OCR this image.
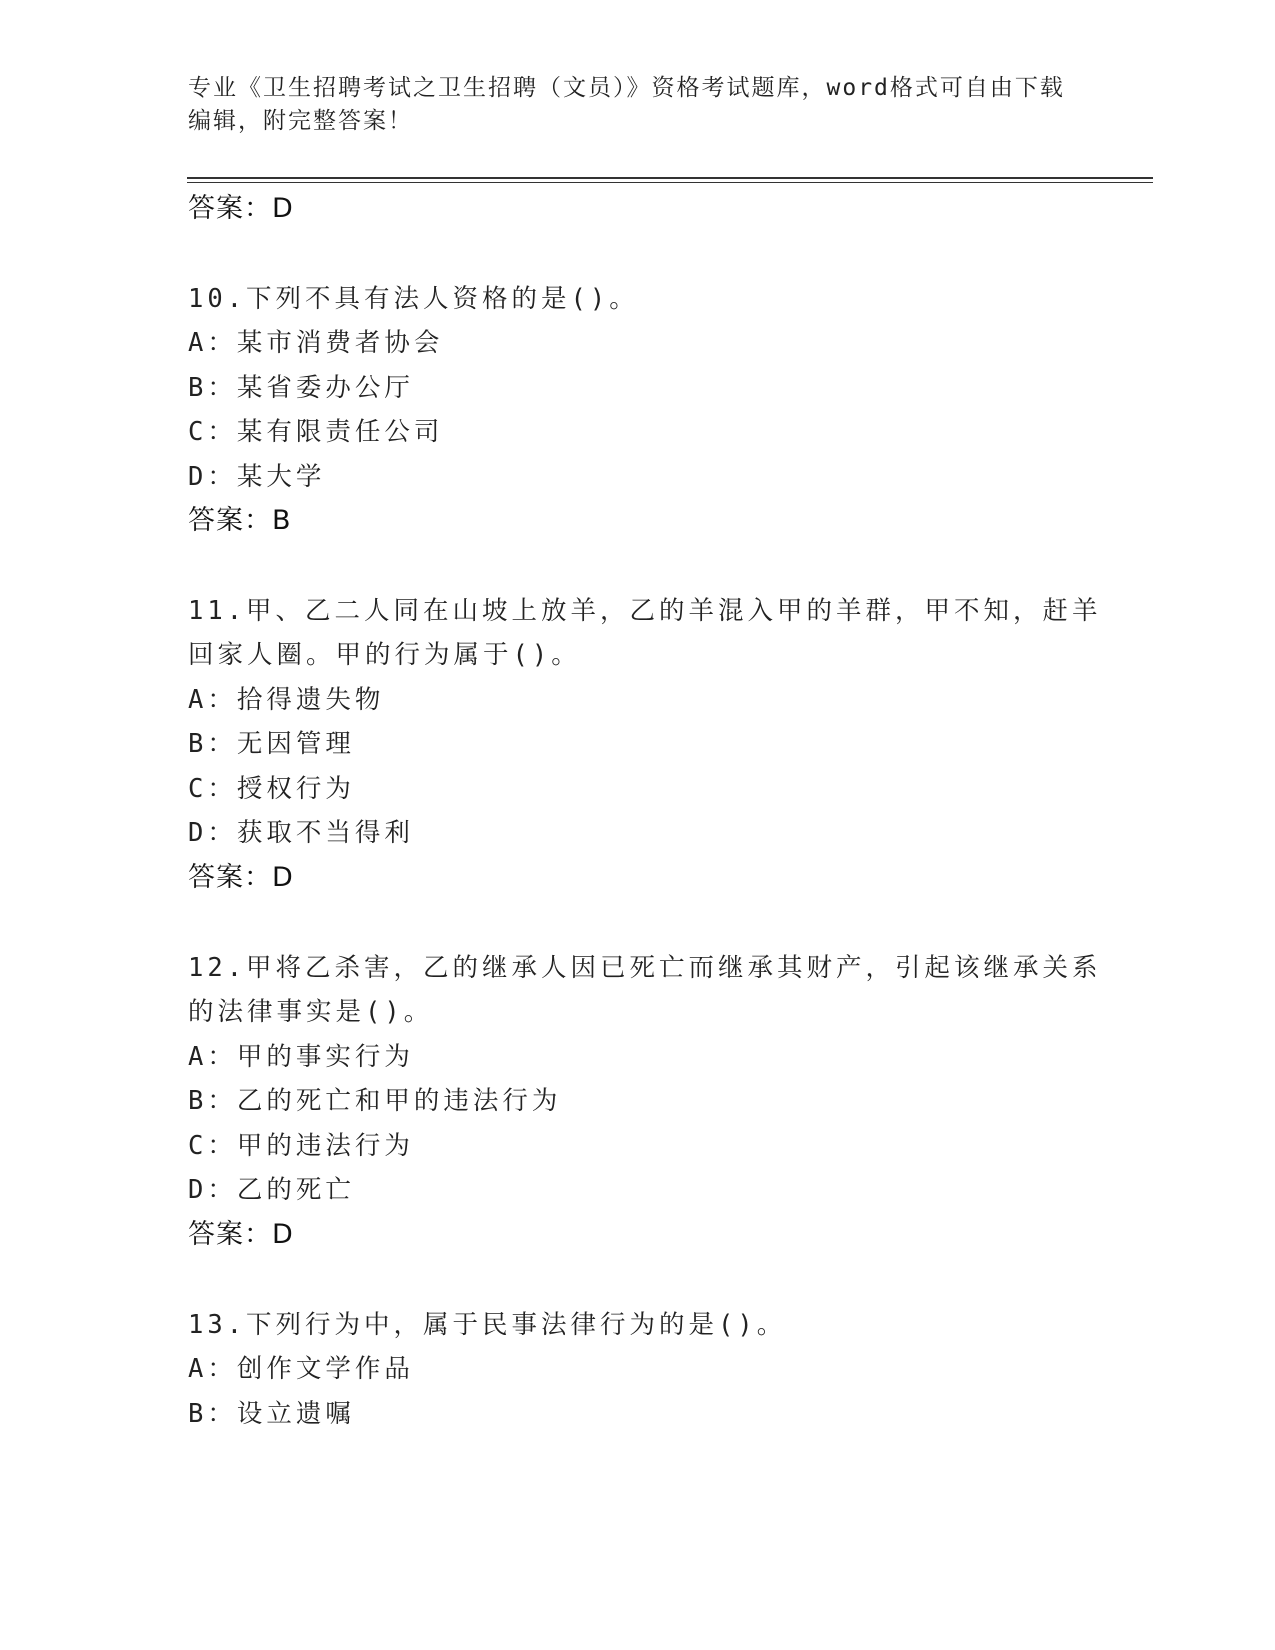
专业《卫生招聘考试之卫生招聘（文员）》资格考试题库，word格式可自由下载
编辑，附完整答案！
答案：D
10.下列不具有法人资格的是()。
A：某市消费者协会
B：某省委办公厅
C：某有限责任公司
D：某大学
答案：B
11.甲、乙二人同在山坡上放羊，乙的羊混入甲的羊群，甲不知，赶羊
回家人圈。甲的行为属于()。
A：拾得遗失物
B：无因管理
C：授权行为
D：获取不当得利
答案：D
12.甲将乙杀害，乙的继承人因已死亡而继承其财产，引起该继承关系
的法律事实是()。
A：甲的事实行为
B：乙的死亡和甲的违法行为
C：甲的违法行为
D：乙的死亡
答案：D
13.下列行为中，属于民事法律行为的是()。
A：创作文学作品
B：设立遗嘱
